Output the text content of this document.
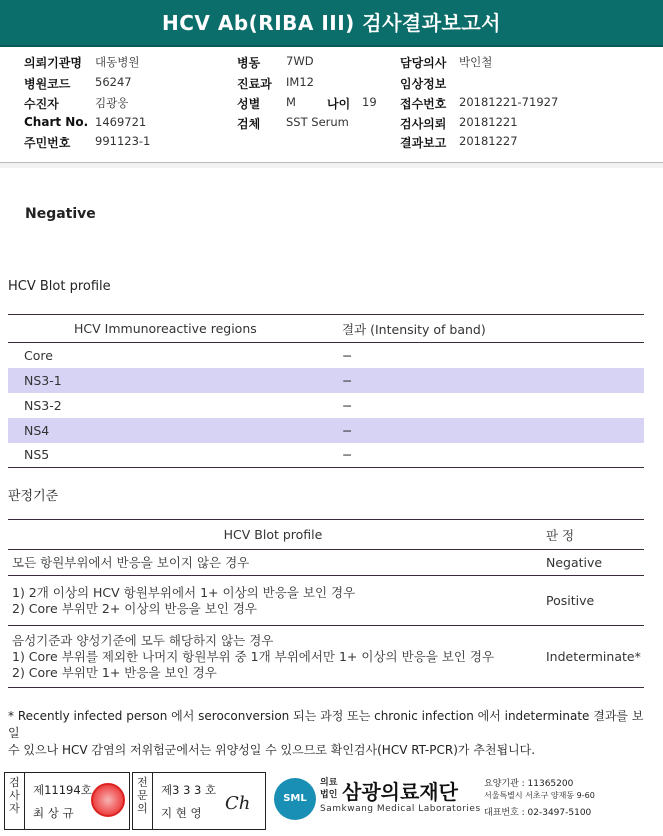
HCV Ab(RIBA III) 검사결과보고서
의뢰기관명 대동병원	병동 7WD	담당의사 박인철
병원코드 56247	진료과 IM12	임상정보
수진자	김광웅	성별 M	나이 19 접수번호 20181221-71927
Chart No. 1469721	검체 SST Serum	검사의뢰 20181221
주민번호 991123-1	결과보고 20181227
Negative
HCV Blot profile
HCV Immunoreactive regions	결과 (Intensity of band)
Core	−
NS3-1	−
NS3-2	−
NS4	−
NS5	−
판정기준
HCV Blot profile	판 정

모든 항원부위에서 반응을 보이지 않은 경우	Negative

1) 2개 이상의 HCV 항원부위에서 1+ 이상의 반응을 보인 경우
2) Core 부위만 2+ 이상의 반응을 보인 경우	Positive

음성기준과 양성기준에 모두 해당하지 않는 경우
1) Core 부위를 제외한 나머지 항원부위 중 1개 부위에서만 1+ 이상의 반응을 보인 경우
2) Core 부위만 1+ 반응을 보인 경우	Indeterminate*
* Recently infected person 에서 seroconversion 되는 과정 또는 chronic infection 에서 indeterminate 결과를 보일
수 있으나 HCV 감염의 저위험군에서는 위양성일 수 있으므로 확인검사(HCV RT-PCR)가 추천됩니다.
검사자
제11194호
최 상 규
전문의
제3 3 3 호
지 현 영 Ch	SML
의료
법인 삼광의료재단
Samkwang Medical Laboratories
요양기관 : 11365200
서울특별시 서초구 양재동 9-60
대표번호 : 02-3497-5100
